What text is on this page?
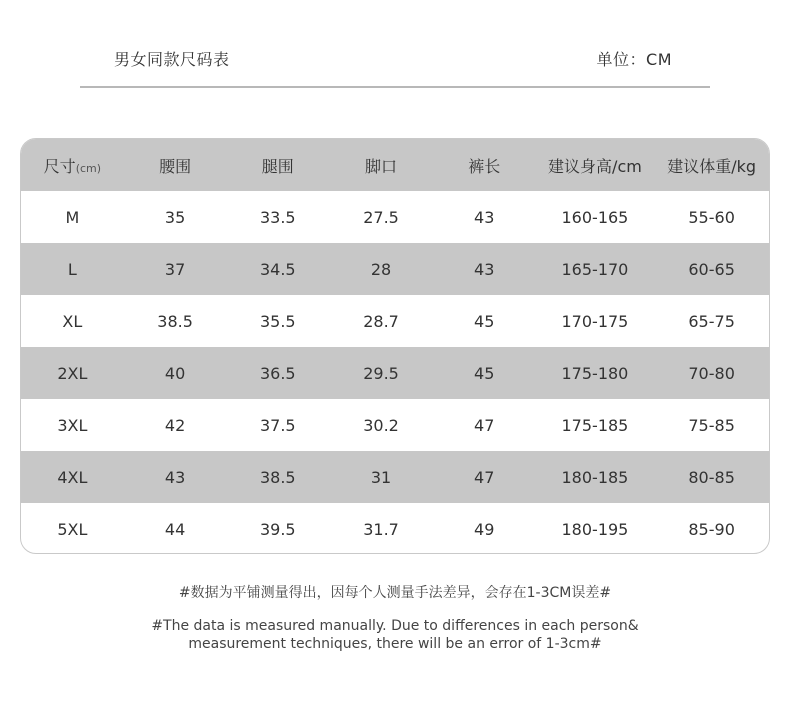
男女同款尺码表	单位：CM
尺寸(cm)	腰围	腿围	脚口	裤长	建议身高/cm	建议体重/kg
M	35	33.5	27.5	43	160-165	55-60
L	37	34.5	28	43	165-170	60-65
XL	38.5	35.5	28.7	45	170-175	65-75
2XL	40	36.5	29.5	45	175-180	70-80
3XL	42	37.5	30.2	47	175-185	75-85
4XL	43	38.5	31	47	180-185	80-85
5XL	44	39.5	31.7	49	180-195	85-90
#数据为平铺测量得出，因每个人测量手法差异，会存在1-3CM误差#
#The data is measured manually. Due to differences in each person&
measurement techniques, there will be an error of 1-3cm#
